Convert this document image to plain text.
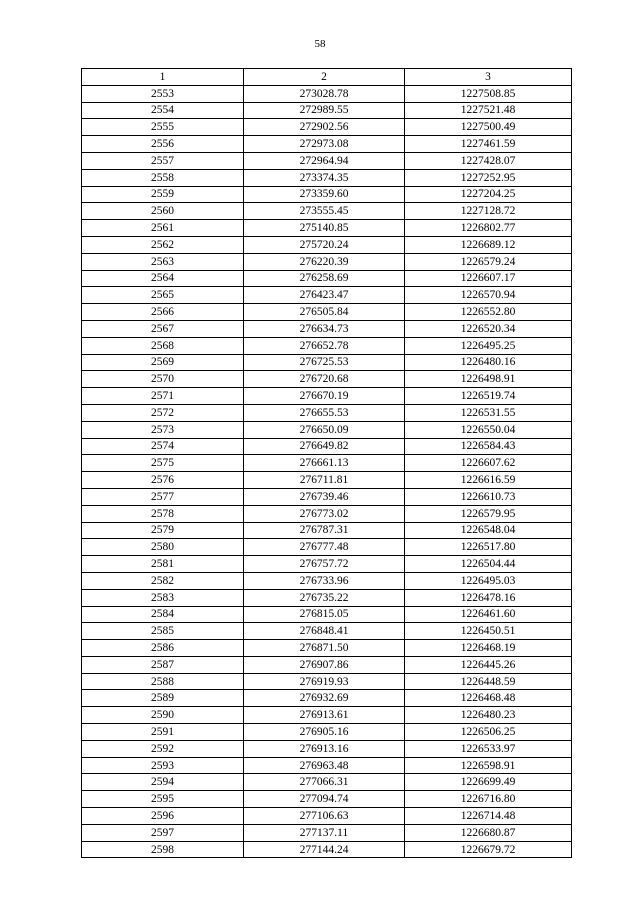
58
1	2	3
2553	273028.78	1227508.85
2554	272989.55	1227521.48
2555	272902.56	1227500.49
2556	272973.08	1227461.59
2557	272964.94	1227428.07
2558	273374.35	1227252.95
2559	273359.60	1227204.25
2560	273555.45	1227128.72
2561	275140.85	1226802.77
2562	275720.24	1226689.12
2563	276220.39	1226579.24
2564	276258.69	1226607.17
2565	276423.47	1226570.94
2566	276505.84	1226552.80
2567	276634.73	1226520.34
2568	276652.78	1226495.25
2569	276725.53	1226480.16
2570	276720.68	1226498.91
2571	276670.19	1226519.74
2572	276655.53	1226531.55
2573	276650.09	1226550.04
2574	276649.82	1226584.43
2575	276661.13	1226607.62
2576	276711.81	1226616.59
2577	276739.46	1226610.73
2578	276773.02	1226579.95
2579	276787.31	1226548.04
2580	276777.48	1226517.80
2581	276757.72	1226504.44
2582	276733.96	1226495.03
2583	276735.22	1226478.16
2584	276815.05	1226461.60
2585	276848.41	1226450.51
2586	276871.50	1226468.19
2587	276907.86	1226445.26
2588	276919.93	1226448.59
2589	276932.69	1226468.48
2590	276913.61	1226480.23
2591	276905.16	1226506.25
2592	276913.16	1226533.97
2593	276963.48	1226598.91
2594	277066.31	1226699.49
2595	277094.74	1226716.80
2596	277106.63	1226714.48
2597	277137.11	1226680.87
2598	277144.24	1226679.72
